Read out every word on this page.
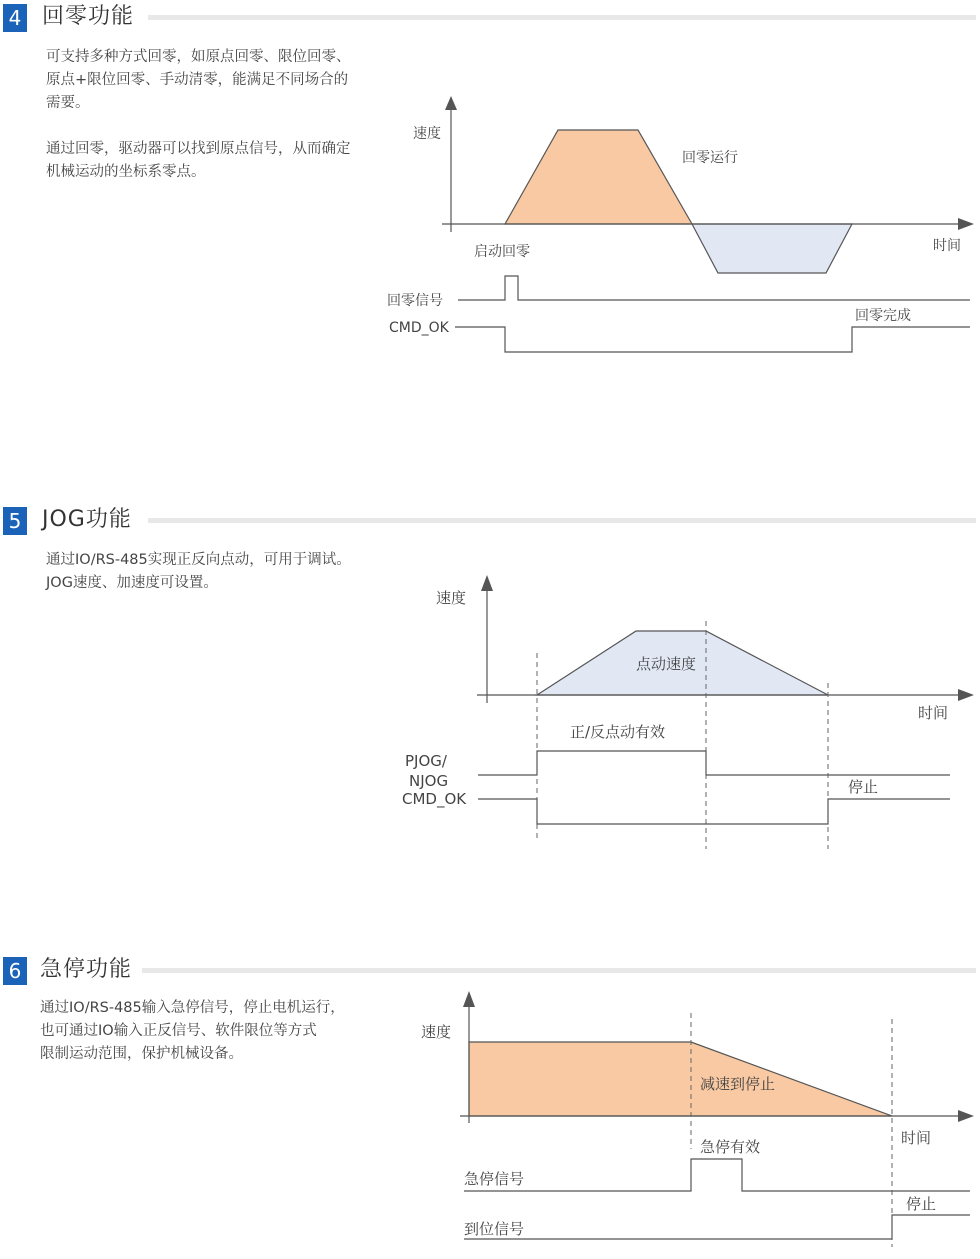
4 回零功能

可支持多种方式回零，如原点回零、限位回零、

原点+限位回零、手动清零，能满足不同场合的

需要。

通过回零，驱动器可以找到原点信号，从而确定

机械运动的坐标系零点。

速度
时间
回零运行
启动回零
回零信号
CMD_OK
回零完成
5 JOG功能

通过IO/RS-485实现正反向点动，可用于调试。

JOG速度、加速度可设置。

速度
时间
点动速度
正/反点动有效
PJOG/
NJOG
CMD_OK
停止
6 急停功能

通过IO/RS-485输入急停信号，停止电机运行，

也可通过IO输入正反信号、软件限位等方式

限制运动范围，保护机械设备。

速度
时间
减速到停止
急停有效
急停信号
到位信号
停止
